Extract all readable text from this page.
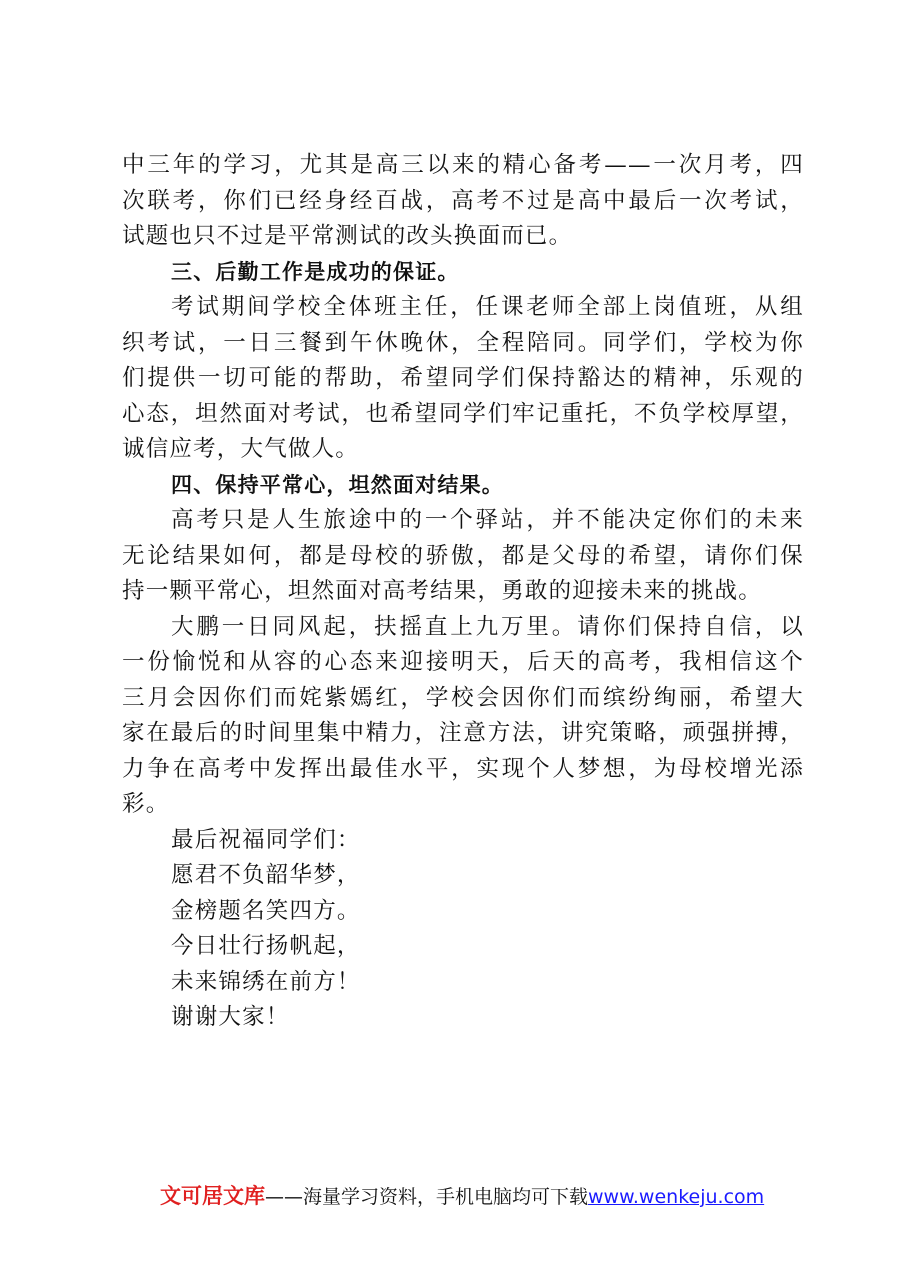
中三年的学习，尤其是高三以来的精心备考——一次月考，四
次联考，你们已经身经百战，高考不过是高中最后一次考试，
试题也只不过是平常测试的改头换面而已。
三、后勤工作是成功的保证。
考试期间学校全体班主任，任课老师全部上岗值班，从组
织考试，一日三餐到午休晚休，全程陪同。同学们，学校为你
们提供一切可能的帮助，希望同学们保持豁达的精神，乐观的
心态，坦然面对考试，也希望同学们牢记重托，不负学校厚望，
诚信应考，大气做人。
四、保持平常心，坦然面对结果。
高考只是人生旅途中的一个驿站，并不能决定你们的未来
无论结果如何，都是母校的骄傲，都是父母的希望，请你们保
持一颗平常心，坦然面对高考结果，勇敢的迎接未来的挑战。
大鹏一日同风起，扶摇直上九万里。请你们保持自信，以
一份愉悦和从容的心态来迎接明天，后天的高考，我相信这个
三月会因你们而姹紫嫣红，学校会因你们而缤纷绚丽，希望大
家在最后的时间里集中精力，注意方法，讲究策略，顽强拼搏，
力争在高考中发挥出最佳水平，实现个人梦想，为母校增光添
彩。
最后祝福同学们：
愿君不负韶华梦，
金榜题名笑四方。
今日壮行扬帆起，
未来锦绣在前方！
谢谢大家！
文可居文库——海量学习资料，手机电脑均可下载www.wenkeju.com
